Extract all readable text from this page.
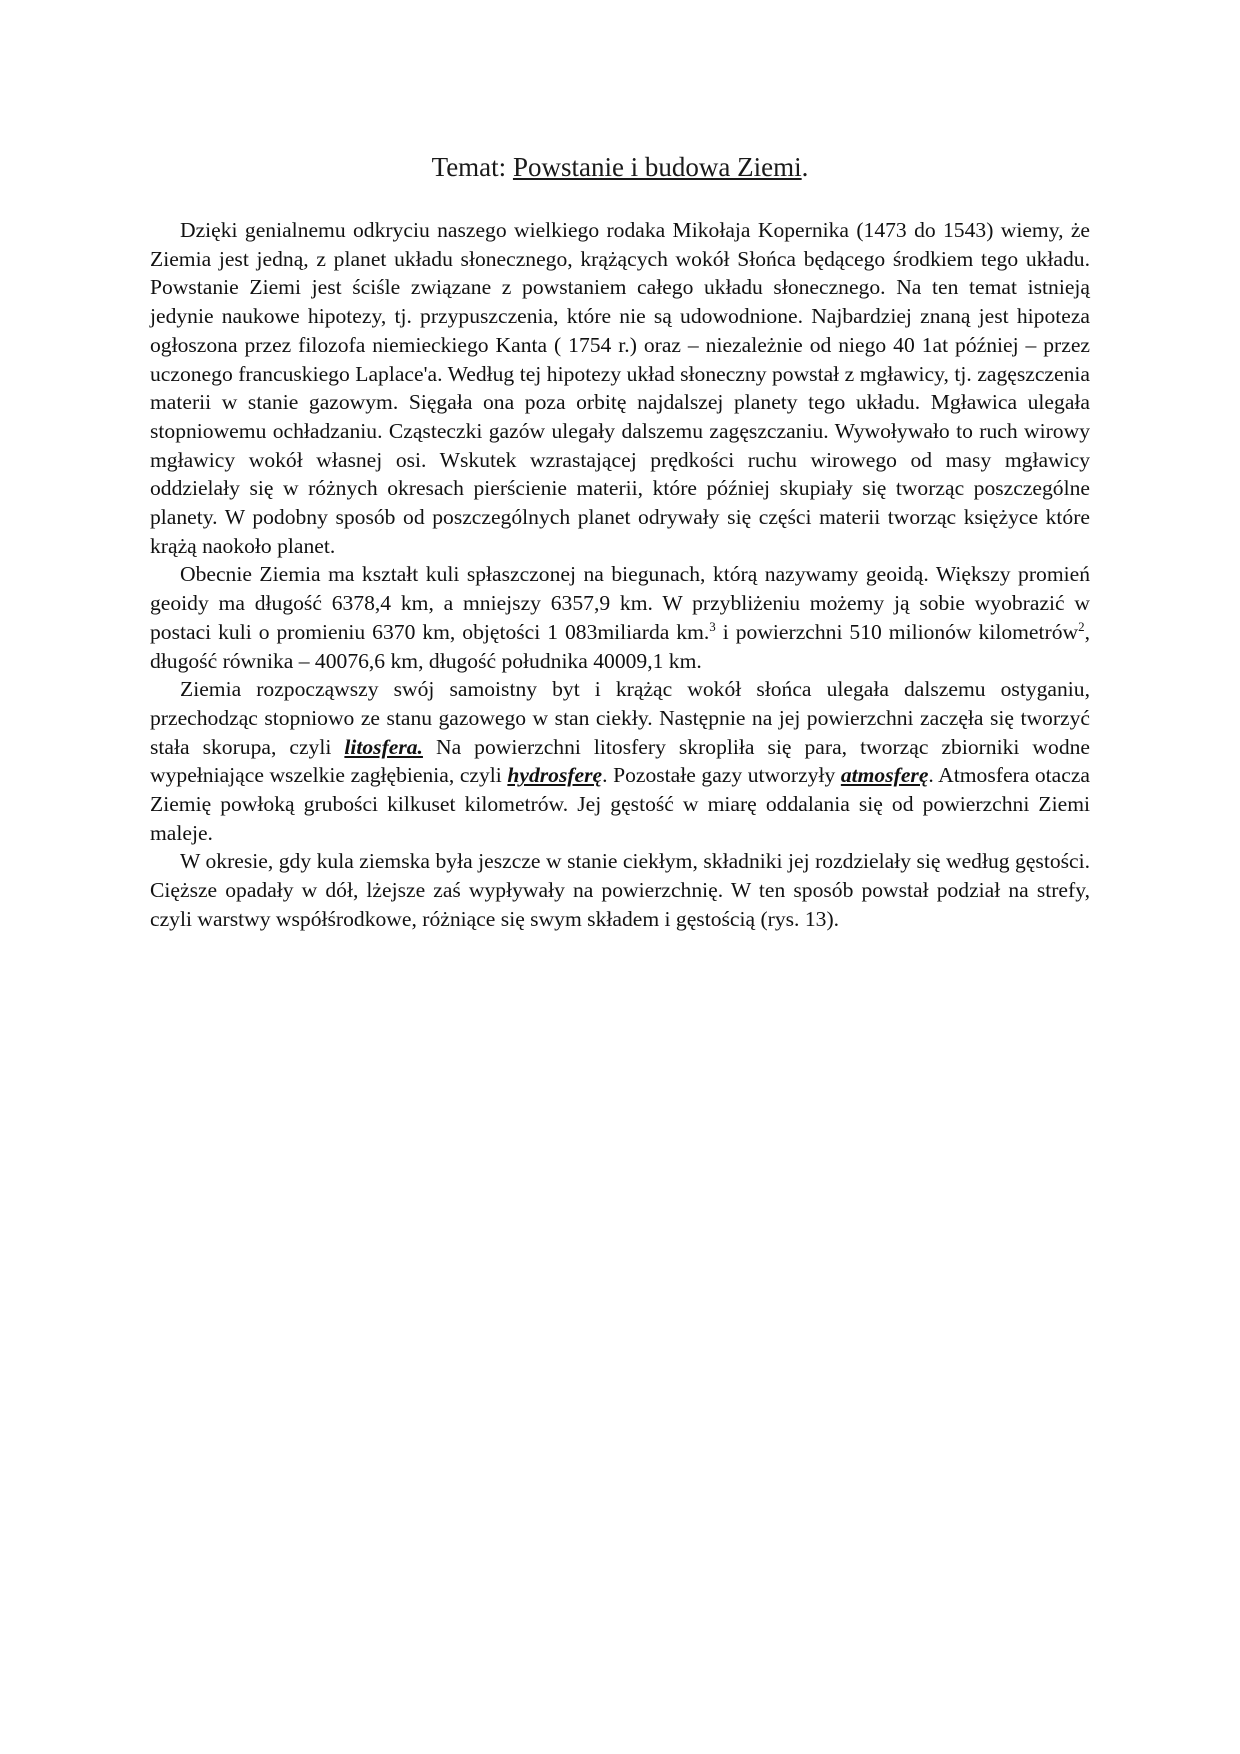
Temat: Powstanie i budowa Ziemi.

Dzięki genialnemu odkryciu naszego wielkiego rodaka Mikołaja Kopernika (1473 do 1543) wiemy, że Ziemia jest jedną, z planet układu słonecznego, krążących wokół Słońca będącego środkiem tego układu. Powstanie Ziemi jest ściśle związane z powstaniem całego układu słonecznego. Na ten temat istnieją jedynie naukowe hipotezy, tj. przypuszczenia, które nie są udowodnione. Najbardziej znaną jest hipoteza ogłoszona przez filozofa niemieckiego Kanta ( 1754 r.) oraz – niezależnie od niego 40 1at później – przez uczonego francuskiego Laplace'a. Według tej hipotezy układ słoneczny powstał z mgławicy, tj. zagęszczenia materii w stanie gazowym. Sięgała ona poza orbitę najdalszej planety tego układu. Mgławica ulegała stopniowemu ochładzaniu. Cząsteczki gazów ulegały dalszemu zagęszczaniu. Wywoływało to ruch wirowy mgławicy wokół własnej osi. Wskutek wzrastającej prędkości ruchu wirowego od masy mgławicy oddzielały się w różnych okresach pierścienie materii, które później skupiały się tworząc poszczególne planety. W podobny sposób od poszczególnych planet odrywały się części materii tworząc księżyce które krążą naokoło planet.

Obecnie Ziemia ma kształt kuli spłaszczonej na biegunach, którą nazywamy geoidą. Większy promień geoidy ma długość 6378,4 km, a mniejszy 6357,9 km. W przybliżeniu możemy ją sobie wyobrazić w postaci kuli o promieniu 6370 km, objętości 1 083miliarda km.$^3$ i powierzchni 510 milionów kilometrów$^2$, długość równika – 40076,6 km, długość południka 40009,1 km.

Ziemia rozpocząwszy swój samoistny byt i krążąc wokół słońca ulegała dalszemu ostyganiu, przechodząc stopniowo ze stanu gazowego w stan ciekły. Następnie na jej powierzchni zaczęła się tworzyć stała skorupa, czyli litosfera. Na powierzchni litosfery skropliła się para, tworząc zbiorniki wodne wypełniające wszelkie zagłębienia, czyli hydrosferę. Pozostałe gazy utworzyły atmosferę. Atmosfera otacza Ziemię powłoką grubości kilkuset kilometrów. Jej gęstość w miarę oddalania się od powierzchni Ziemi maleje.

W okresie, gdy kula ziemska była jeszcze w stanie ciekłym, składniki jej rozdzielały się według gęstości. Cięższe opadały w dół, lżejsze zaś wypływały na powierzchnię. W ten sposób powstał podział na strefy, czyli warstwy współśrodkowe, różniące się swym składem i gęstością (rys. 13).
